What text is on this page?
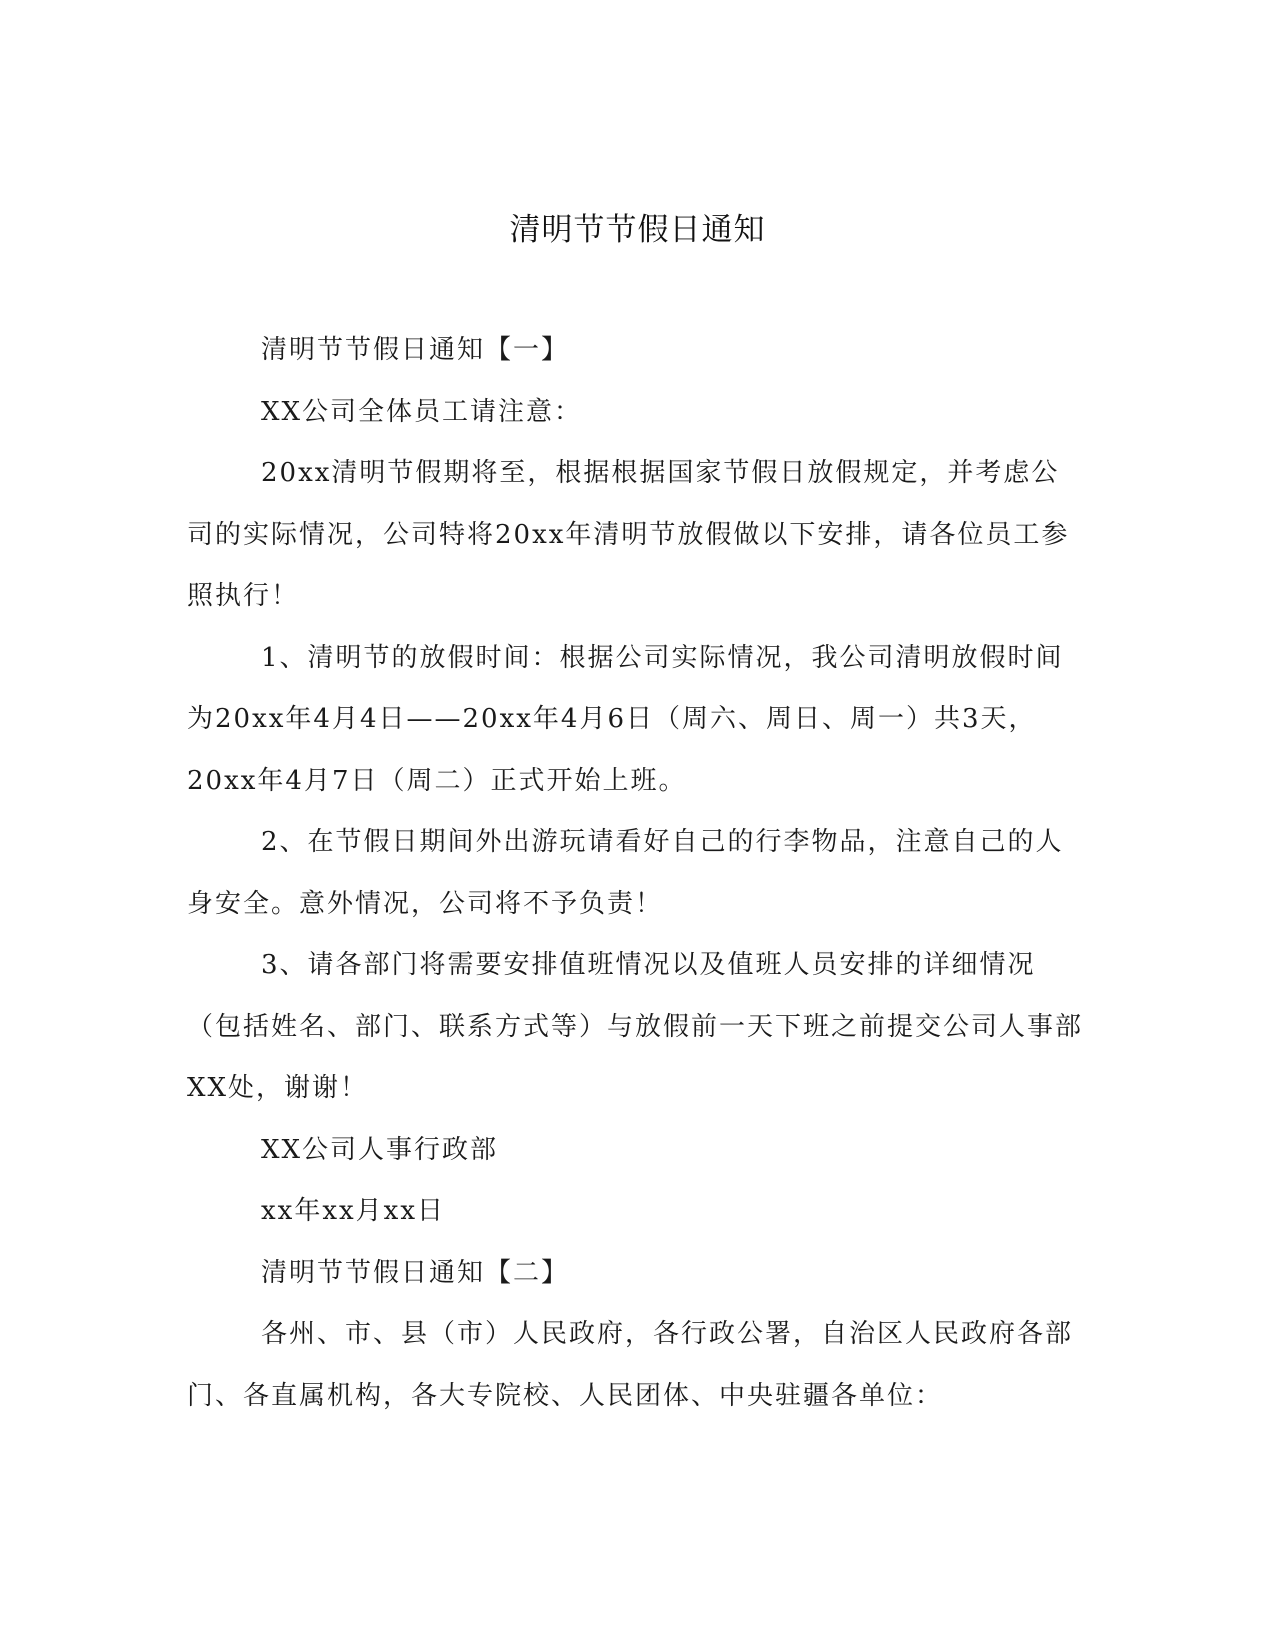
清明节节假日通知

清明节节假日通知【一】

XX公司全体员工请注意：

20xx清明节假期将至，根据根据国家节假日放假规定，并考虑公司的实际情况，公司特将20xx年清明节放假做以下安排，请各位员工参照执行！

1、清明节的放假时间：根据公司实际情况，我公司清明放假时间为20xx年4月4日——20xx年4月6日（周六、周日、周一）共3天，20xx年4月7日（周二）正式开始上班。

2、在节假日期间外出游玩请看好自己的行李物品，注意自己的人身安全。意外情况，公司将不予负责！

3、请各部门将需要安排值班情况以及值班人员安排的详细情况（包括姓名、部门、联系方式等）与放假前一天下班之前提交公司人事部XX处，谢谢！

XX公司人事行政部

xx年xx月xx日

清明节节假日通知【二】

各州、市、县（市）人民政府，各行政公署，自治区人民政府各部门、各直属机构，各大专院校、人民团体、中央驻疆各单位：
